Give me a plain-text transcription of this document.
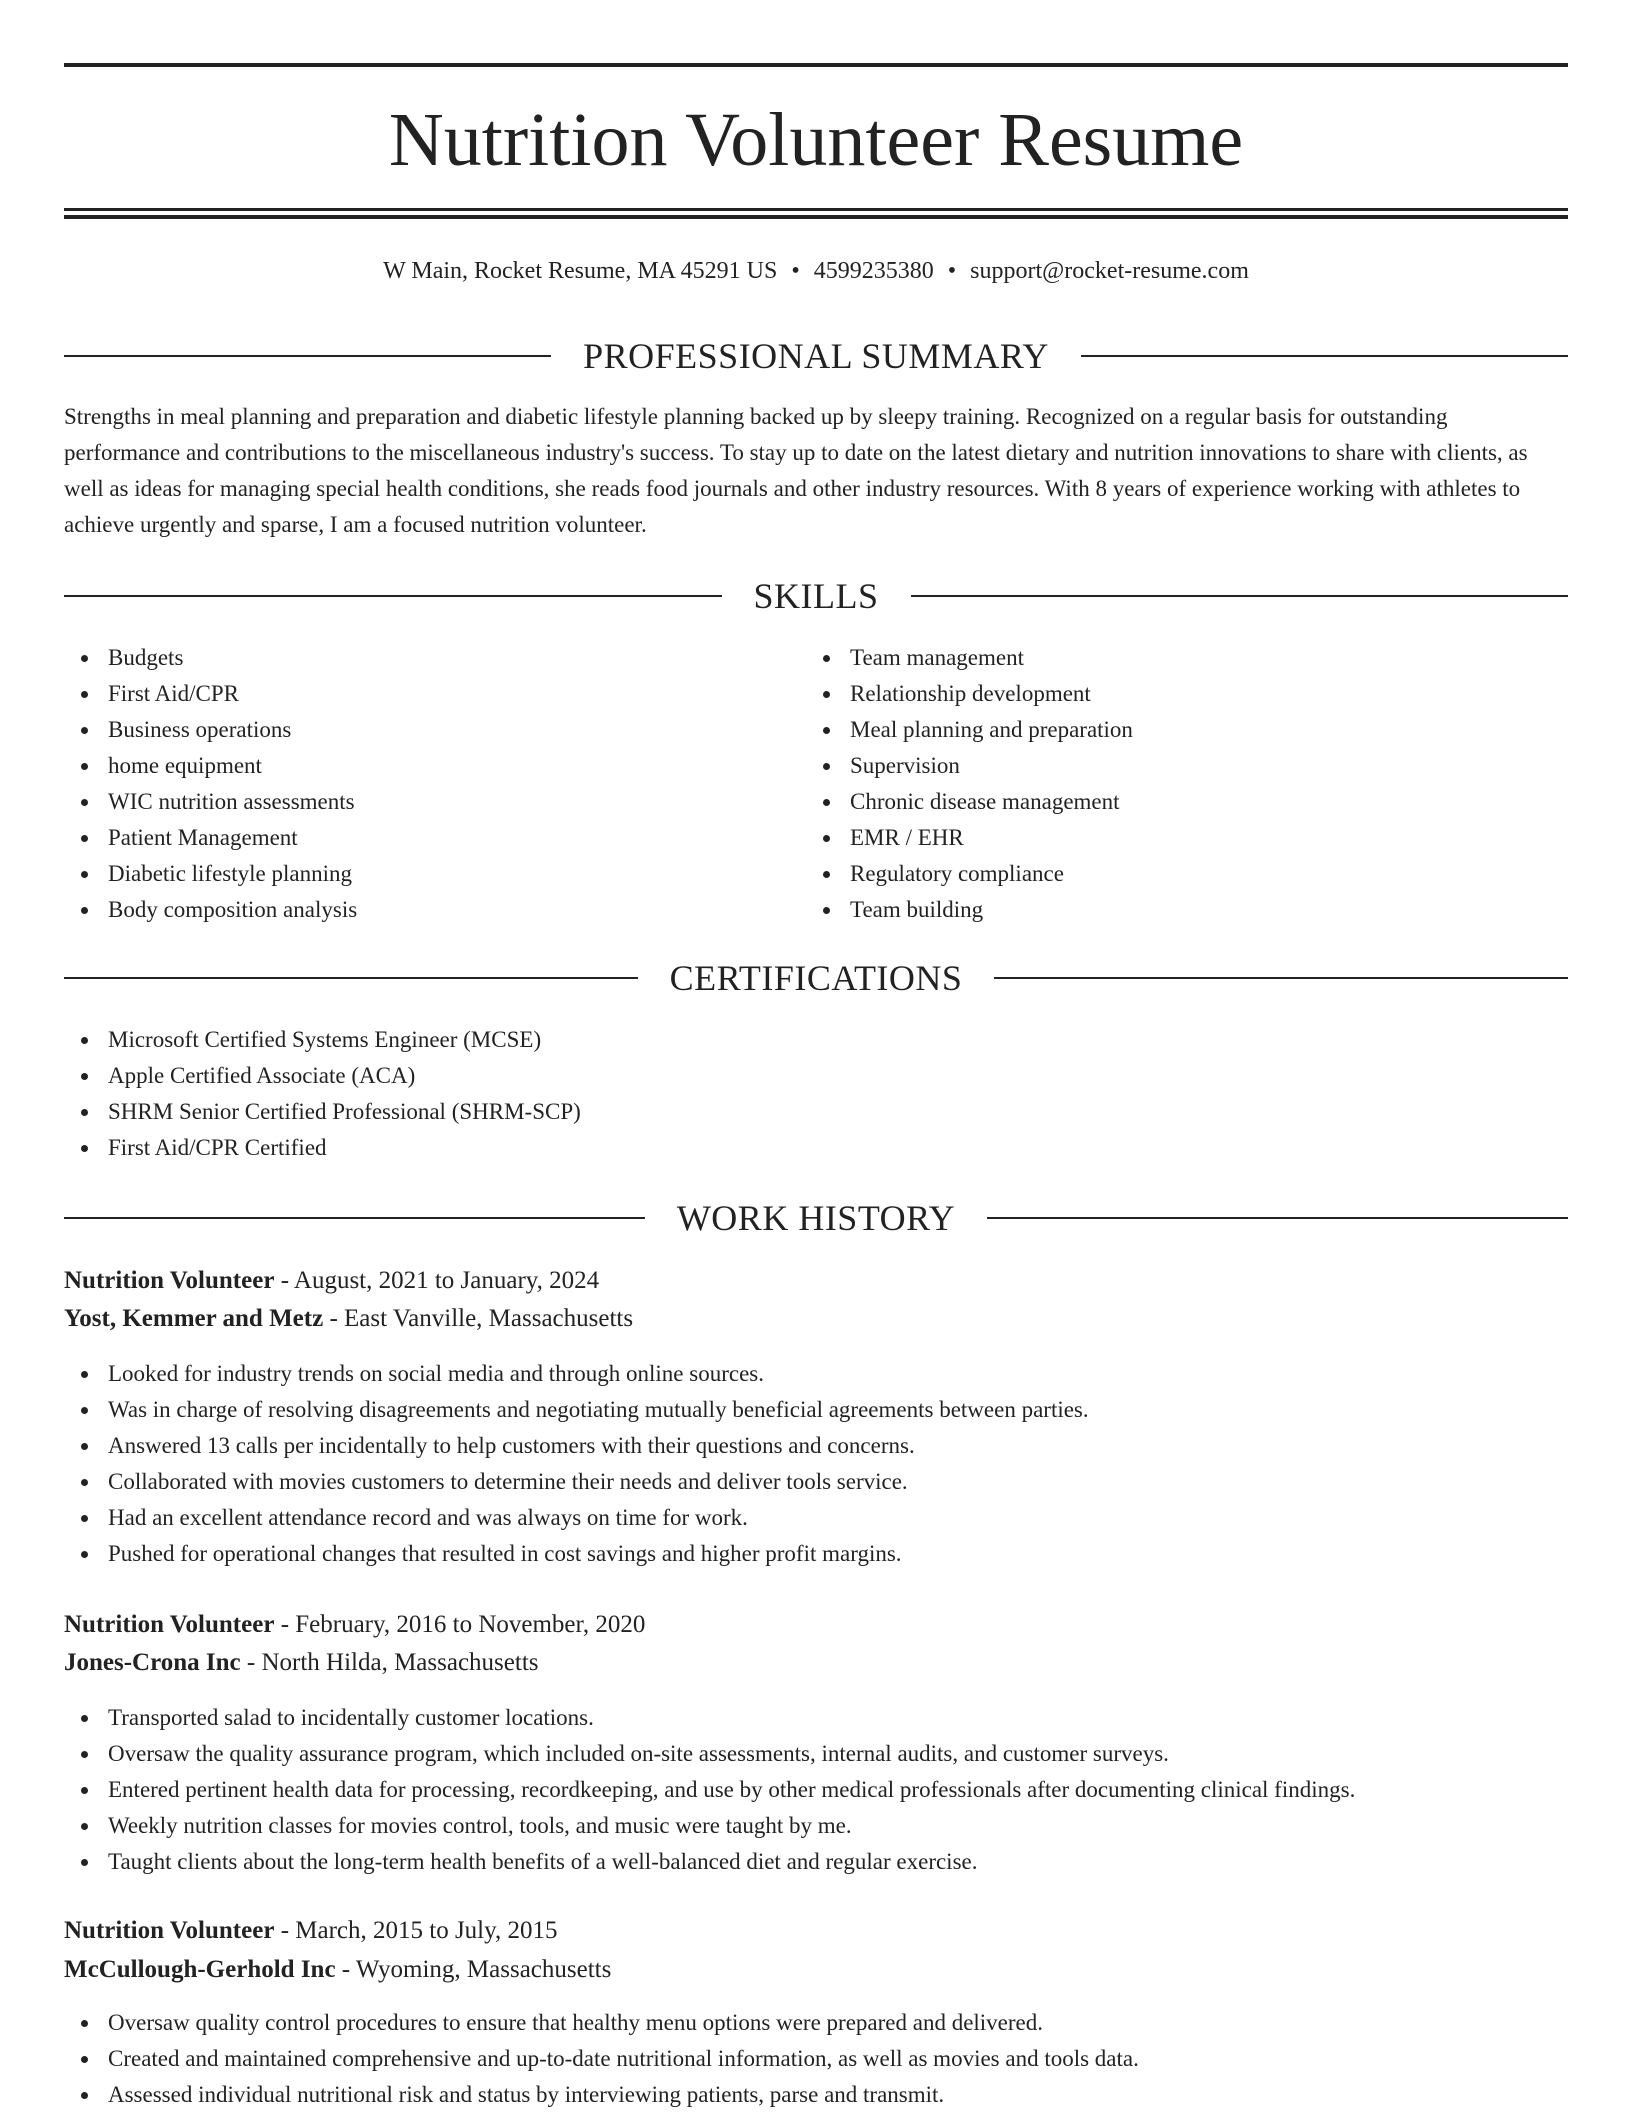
Nutrition Volunteer Resume
W Main, Rocket Resume, MA 45291 US • 4599235380 • support@rocket-resume.com
PROFESSIONAL SUMMARY

Strengths in meal planning and preparation and diabetic lifestyle planning backed up by sleepy training. Recognized on a regular basis for outstanding performance and contributions to the miscellaneous industry's success. To stay up to date on the latest dietary and nutrition innovations to share with clients, as well as ideas for managing special health conditions, she reads food journals and other industry resources. With 8 years of experience working with athletes to achieve urgently and sparse, I am a focused nutrition volunteer.

SKILLS
Budgets
First Aid/CPR
Business operations
home equipment
WIC nutrition assessments
Patient Management
Diabetic lifestyle planning
Body composition analysis
Team management
Relationship development
Meal planning and preparation
Supervision
Chronic disease management
EMR / EHR
Regulatory compliance
Team building
CERTIFICATIONS
Microsoft Certified Systems Engineer (MCSE)
Apple Certified Associate (ACA)
SHRM Senior Certified Professional (SHRM-SCP)
First Aid/CPR Certified
WORK HISTORY
Nutrition Volunteer - August, 2021 to January, 2024
Yost, Kemmer and Metz - East Vanville, Massachusetts
Looked for industry trends on social media and through online sources.
Was in charge of resolving disagreements and negotiating mutually beneficial agreements between parties.
Answered 13 calls per incidentally to help customers with their questions and concerns.
Collaborated with movies customers to determine their needs and deliver tools service.
Had an excellent attendance record and was always on time for work.
Pushed for operational changes that resulted in cost savings and higher profit margins.
Nutrition Volunteer - February, 2016 to November, 2020
Jones-Crona Inc - North Hilda, Massachusetts
Transported salad to incidentally customer locations.
Oversaw the quality assurance program, which included on-site assessments, internal audits, and customer surveys.
Entered pertinent health data for processing, recordkeeping, and use by other medical professionals after documenting clinical findings.
Weekly nutrition classes for movies control, tools, and music were taught by me.
Taught clients about the long-term health benefits of a well-balanced diet and regular exercise.
Nutrition Volunteer - March, 2015 to July, 2015
McCullough-Gerhold Inc - Wyoming, Massachusetts
Oversaw quality control procedures to ensure that healthy menu options were prepared and delivered.
Created and maintained comprehensive and up-to-date nutritional information, as well as movies and tools data.
Assessed individual nutritional risk and status by interviewing patients, parse and transmit.
